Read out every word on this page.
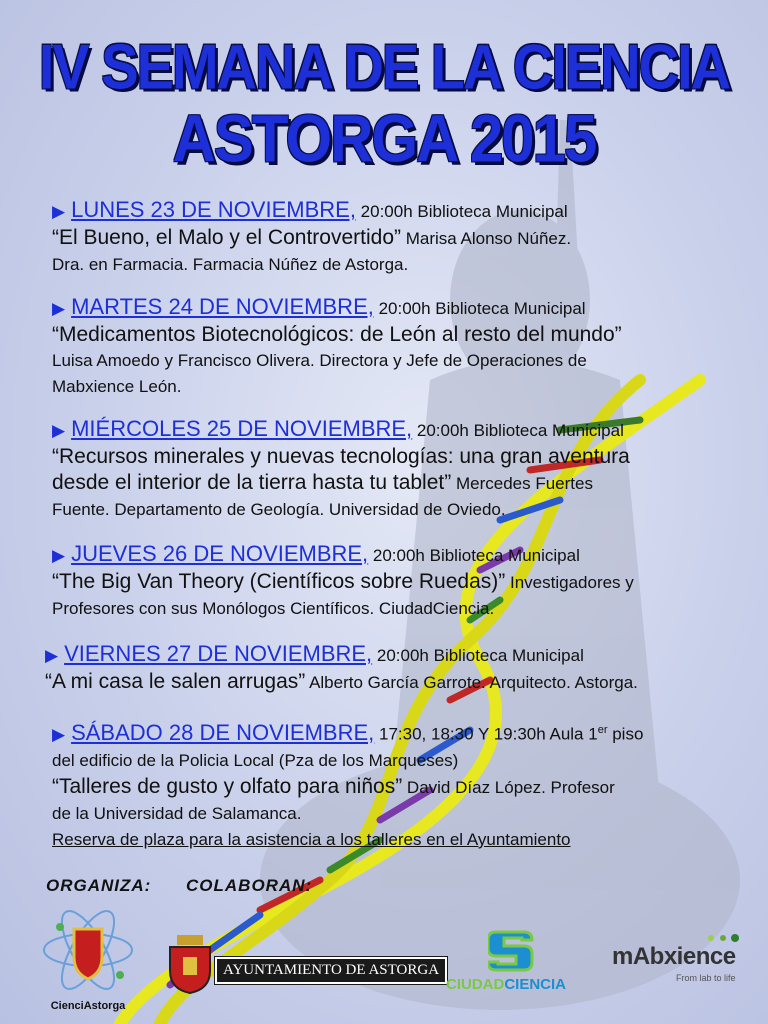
IV SEMANA DE LA CIENCIA
ASTORGA 2015
▶ LUNES 23 DE NOVIEMBRE, 20:00h Biblioteca Municipal
“El Bueno, el Malo y el Controvertido” Marisa Alonso Núñez.
Dra. en Farmacia. Farmacia Núñez de Astorga.
▶ MARTES 24 DE NOVIEMBRE, 20:00h Biblioteca Municipal
“Medicamentos Biotecnológicos: de León al resto del mundo”
Luisa Amoedo y Francisco Olivera. Directora y Jefe de Operaciones de
Mabxience León.
▶ MIÉRCOLES 25 DE NOVIEMBRE, 20:00h Biblioteca Municipal
“Recursos minerales y nuevas tecnologías: una gran aventura
desde el interior de la tierra hasta tu tablet” Mercedes Fuertes
Fuente. Departamento de Geología. Universidad de Oviedo.
▶ JUEVES 26 DE NOVIEMBRE, 20:00h Biblioteca Municipal
“The Big Van Theory (Científicos sobre Ruedas)” Investigadores y
Profesores con sus Monólogos Científicos. CiudadCiencia.
▶ VIERNES 27 DE NOVIEMBRE, 20:00h Biblioteca Municipal
“A mi casa le salen arrugas” Alberto García Garrote. Arquitecto. Astorga.
▶ SÁBADO 28 DE NOVIEMBRE, 17:30, 18:30 Y 19:30h Aula 1er piso
del edificio de la Policia Local (Pza de los Marqueses)
“Talleres de gusto y olfato para niños” David Díaz López. Profesor
de la Universidad de Salamanca.
Reserva de plaza para la asistencia a los talleres en el Ayuntamiento
ORGANIZA: COLABORAN:
CienciAstorga
AYUNTAMIENTO DE ASTORGA
CIUDADCIENCIA
mAbxience
From lab to life
